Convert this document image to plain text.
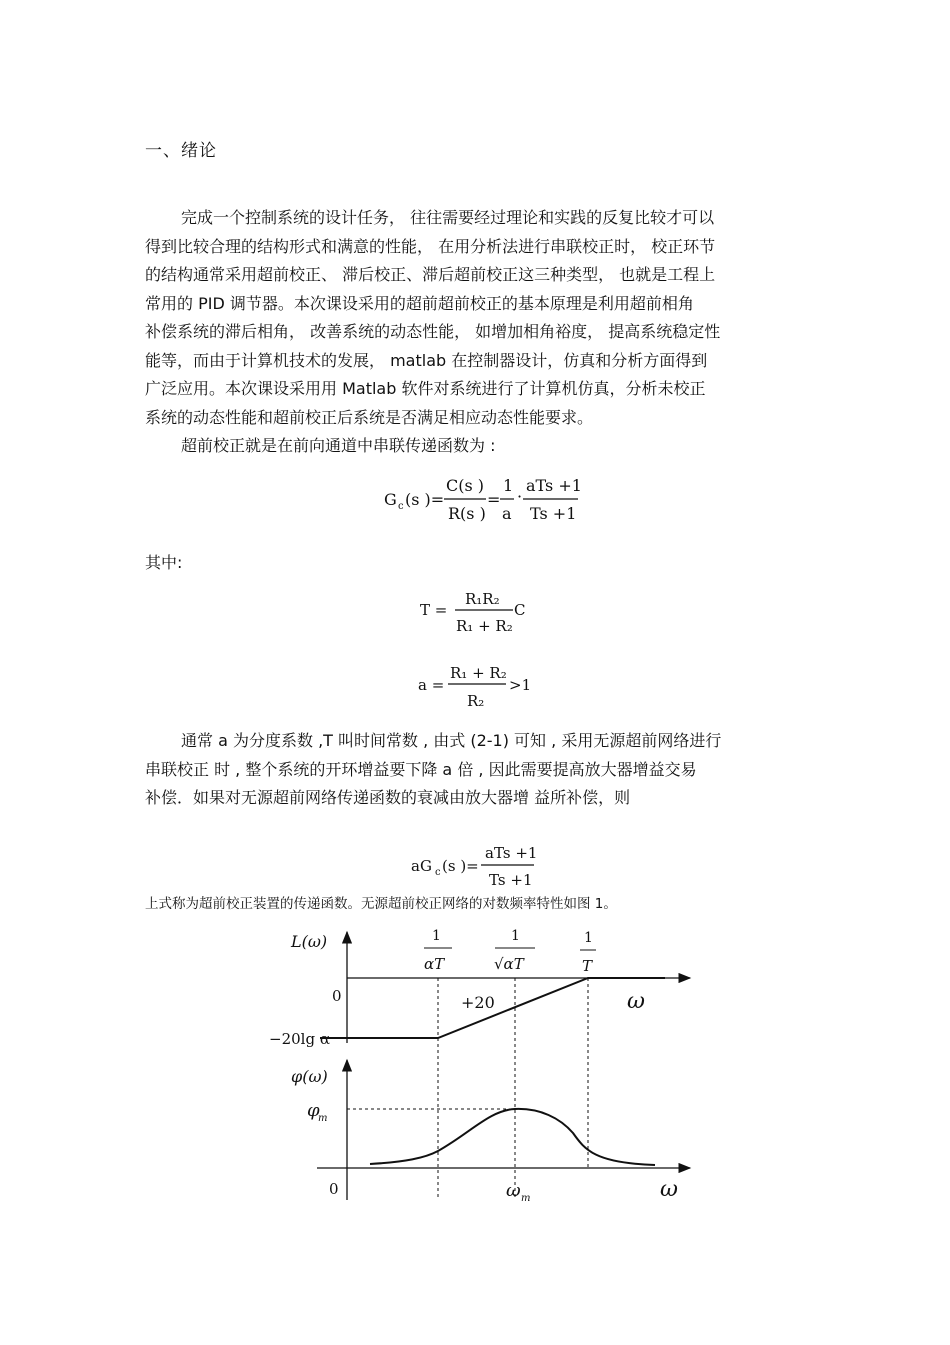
一、绪论
完成一个控制系统的设计任务， 往往需要经过理论和实践的反复比较才可以
得到比较合理的结构形式和满意的性能， 在用分析法进行串联校正时， 校正环节
的结构通常采用超前校正、 滞后校正、滞后超前校正这三种类型， 也就是工程上
常用的 PID 调节器。本次课设采用的超前超前校正的基本原理是利用超前相角
补偿系统的滞后相角， 改善系统的动态性能， 如增加相角裕度， 提高系统稳定性
能等，而由于计算机技术的发展， matlab 在控制器设计，仿真和分析方面得到
广泛应用。本次课设采用用 Matlab 软件对系统进行了计算机仿真，分析未校正
系统的动态性能和超前校正后系统是否满足相应动态性能要求。
超前校正就是在前向通道中串联传递函数为 :
G c (s )=
C(s )
R(s )
=
1
a
·
aTs +1
Ts +1
其中:
T =
R₁R₂
R₁ + R₂
C
a =
R₁ + R₂
R₂
>1
通常 a 为分度系数 ,T 叫时间常数 , 由式 (2-1) 可知 , 采用无源超前网络进行
串联校正 时 , 整个系统的开环增益要下降 a 倍 , 因此需要提高放大器增益交易
补偿．如果对无源超前网络传递函数的衰减由放大器增 益所补偿，则
aG c (s )=
aTs +1
Ts +1
上式称为超前校正装置的传递函数。无源超前校正网络的对数频率特性如图 1。
L(ω)
φ(ω)
1
αT
1
√αT
1
T
0
0
+20
−20lg α
φ
m
ω
ω
ω m
